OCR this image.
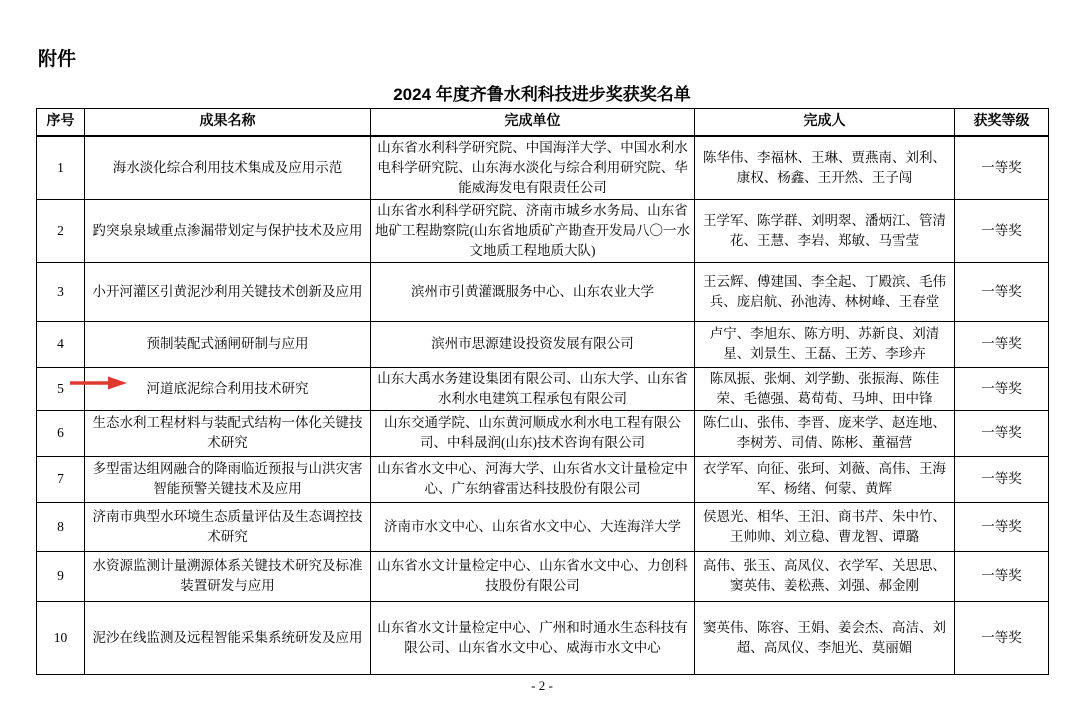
附件
2024 年度齐鲁水利科技进步奖获奖名单
序号	成果名称	完成单位	完成人	获奖等级
1	海水淡化综合利用技术集成及应用示范	山东省水利科学研究院、中国海洋大学、中国水利水电科学研究院、山东海水淡化与综合利用研究院、华能威海发电有限责任公司	陈华伟、李福林、王琳、贾燕南、刘利、康权、杨鑫、王开然、王子闯	一等奖
2	趵突泉泉域重点渗漏带划定与保护技术及应用	山东省水利科学研究院、济南市城乡水务局、山东省地矿工程勘察院(山东省地质矿产勘查开发局八〇一水文地质工程地质大队)	王学军、陈学群、刘明翠、潘炳江、管清花、王慧、李岩、郑敏、马雪莹	一等奖
3	小开河灌区引黄泥沙利用关键技术创新及应用	滨州市引黄灌溉服务中心、山东农业大学	王云辉、傅建国、李全起、丁殿滨、毛伟兵、庞启航、孙池涛、林树峰、王春堂	一等奖
4	预制装配式涵闸研制与应用	滨州市思源建设投资发展有限公司	卢宁、李旭东、陈方明、苏新良、刘清星、刘景生、王磊、王芳、李珍卉	一等奖
5	河道底泥综合利用技术研究	山东大禹水务建设集团有限公司、山东大学、山东省水利水电建筑工程承包有限公司	陈凤振、张炯、刘学勤、张振海、陈佳荣、毛德强、葛荀荀、马坤、田中锋	一等奖
6	生态水利工程材料与装配式结构一体化关键技术研究	山东交通学院、山东黄河顺成水利水电工程有限公司、中科晟润(山东)技术咨询有限公司	陈仁山、张伟、李晋、庞来学、赵连地、李树芳、司倩、陈彬、董福营	一等奖
7	多型雷达组网融合的降雨临近预报与山洪灾害智能预警关键技术及应用	山东省水文中心、河海大学、山东省水文计量检定中心、广东纳睿雷达科技股份有限公司	衣学军、向征、张珂、刘薇、高伟、王海军、杨绪、何蒙、黄辉	一等奖
8	济南市典型水环境生态质量评估及生态调控技术研究	济南市水文中心、山东省水文中心、大连海洋大学	侯恩光、相华、王汨、商书芹、朱中竹、王帅帅、刘立稳、曹龙智、谭璐	一等奖
9	水资源监测计量溯源体系关键技术研究及标准装置研发与应用	山东省水文计量检定中心、山东省水文中心、力创科技股份有限公司	高伟、张玉、高凤仪、衣学军、关思思、窦英伟、姜松燕、刘强、郝金刚	一等奖
10	泥沙在线监测及远程智能采集系统研发及应用	山东省水文计量检定中心、广州和时通水生态科技有限公司、山东省水文中心、威海市水文中心	窦英伟、陈容、王娟、姜会杰、高洁、刘超、高凤仪、李旭光、莫丽媚	一等奖
- 2 -
